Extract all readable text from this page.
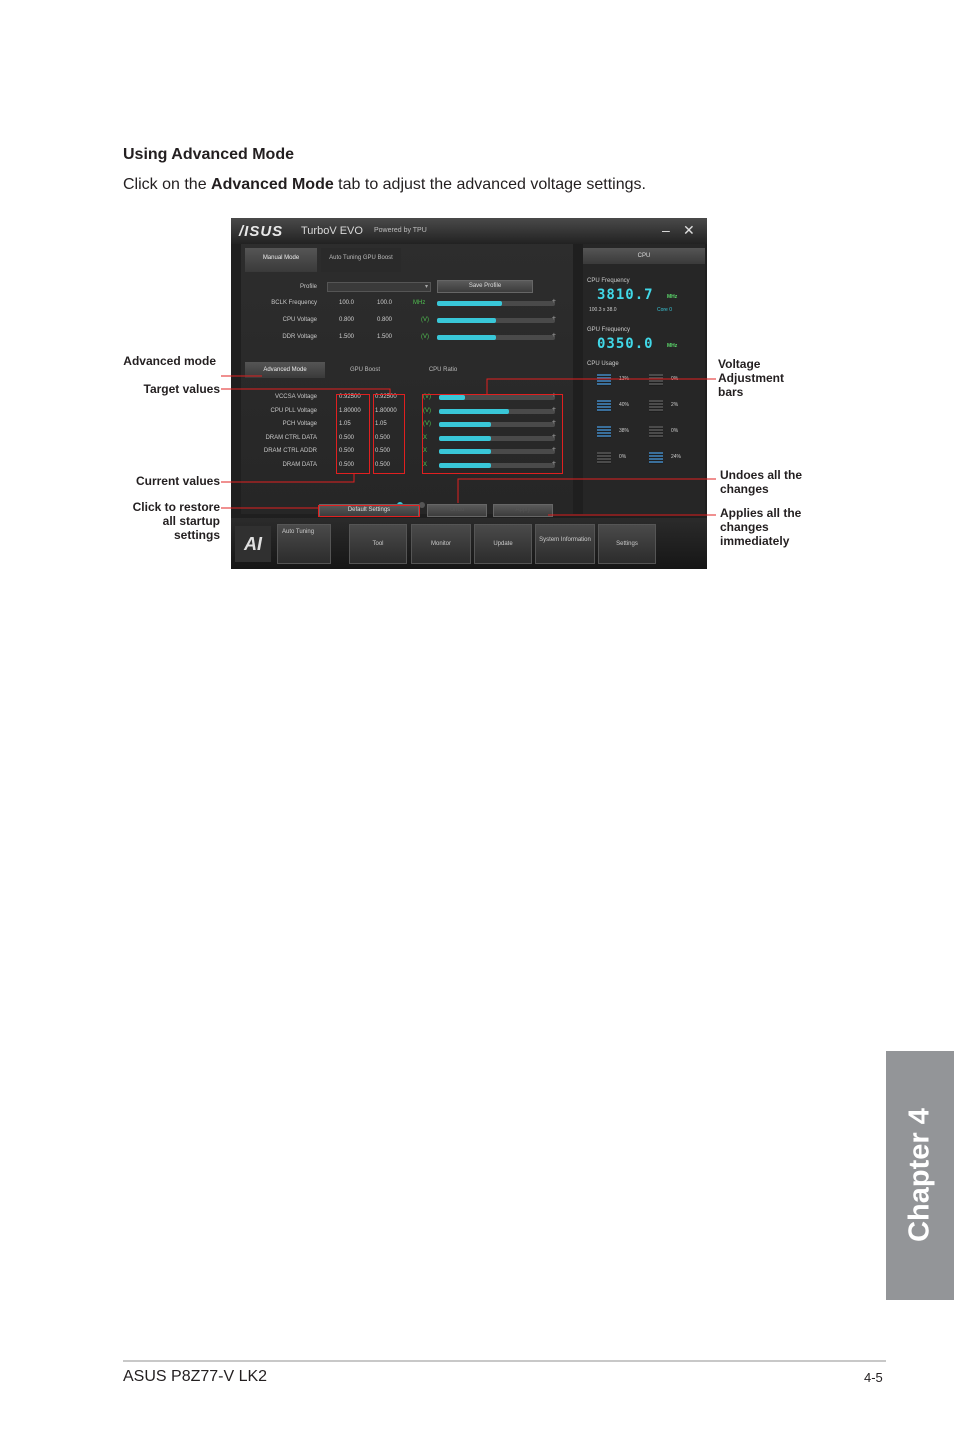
Using Advanced Mode
Click on the Advanced Mode tab to adjust the advanced voltage settings.
/ISUS TurboV EVO Powered by TPU	– ✕
Manual Mode	Auto Tuning GPU Boost
Profile	▾	Save Profile
BCLK Frequency	100.0	100.0	MHz	+
CPU Voltage	0.800	0.800	(V)	+
DDR Voltage	1.500	1.500	(V)	+
Advanced Mode	GPU Boost	CPU Ratio
VCCSA Voltage	0.92500 0.92500	(V)	+
CPU PLL Voltage	1.80000 1.80000	(V)	+
PCH Voltage	1.05	1.05	(V)	+
DRAM CTRL DATA	0.500	0.500	X	+
DRAM CTRL ADDR	0.500	0.500	X	+
DRAM DATA	0.500	0.500	X	+
Default Settings	Undo	Apply
CPU
CPU Frequency
3810.7	MHz
100.3 x 38.0	Core 0
GPU Frequency
0350.0	MHz
CPU Usage
13%	0%
40%	2%
38%	0%
0%	24%
AI
Auto Tuning
Tool	Monitor	Update
System Information
Settings
Advanced mode
Target values
Current values
Click to restore all startup settings
Voltage Adjustment bars
Undoes all the changes
Applies all the changes immediately
Chapter 4
ASUS P8Z77-V LK2	4-5
